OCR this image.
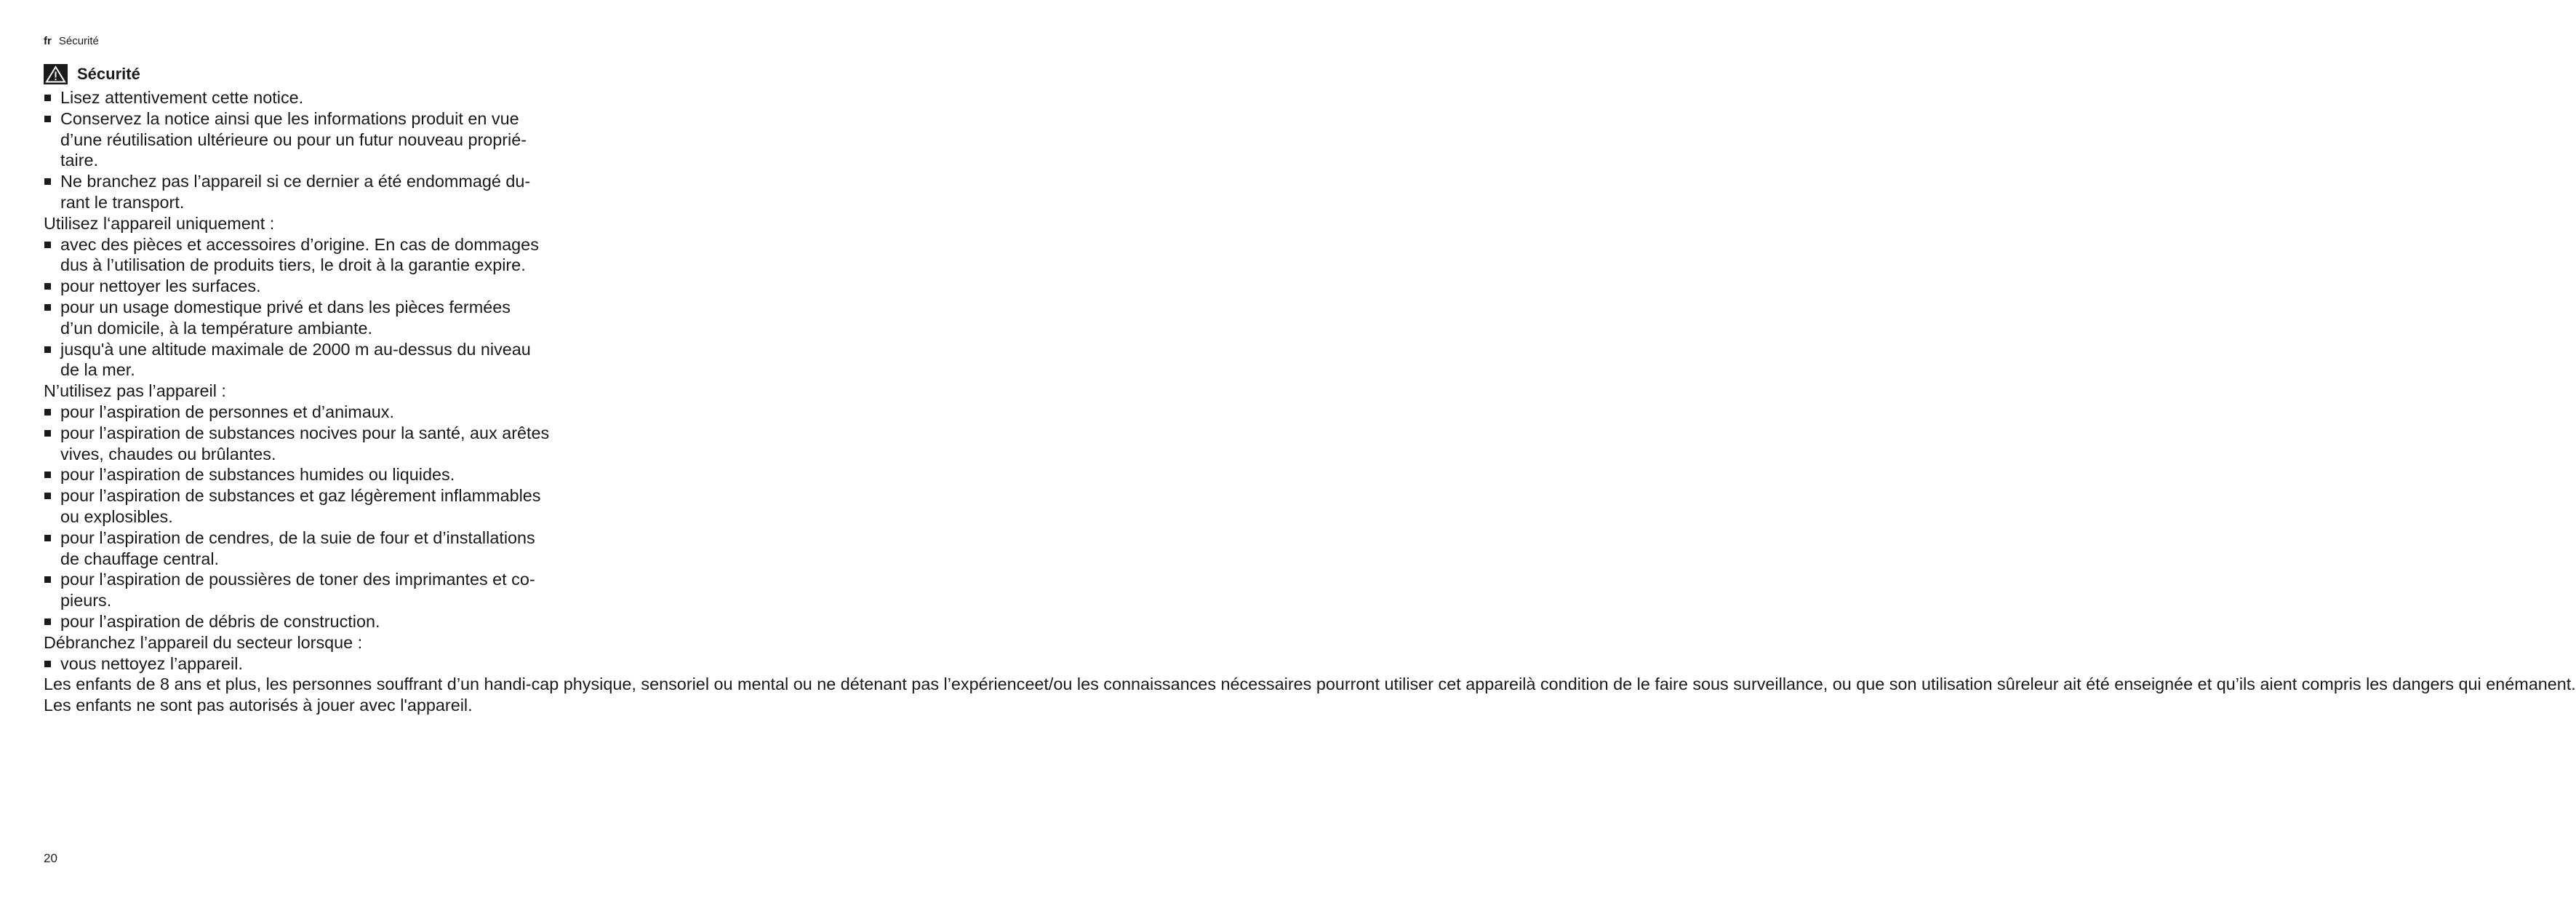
fr Sécurité
Sécurité
Lisez attentivement cette notice.
Conservez la notice ainsi que les informations produit en vue
d’une réutilisation ultérieure ou pour un futur nouveau proprié-
taire.
Ne branchez pas l’appareil si ce dernier a été endommagé du-
rant le transport.

Utilisez l‘appareil uniquement :

avec des pièces et accessoires d’origine. En cas de dommages
dus à l’utilisation de produits tiers, le droit à la garantie expire.
pour nettoyer les surfaces.
pour un usage domestique privé et dans les pièces fermées
d’un domicile, à la température ambiante.
jusqu'à une altitude maximale de 2000 m au-dessus du niveau
de la mer.

N’utilisez pas l’appareil :

pour l’aspiration de personnes et d’animaux.
pour l’aspiration de substances nocives pour la santé, aux arêtes
vives, chaudes ou brûlantes.
pour l’aspiration de substances humides ou liquides.
pour l’aspiration de substances et gaz légèrement inflammables
ou explosibles.
pour l’aspiration de cendres, de la suie de four et d’installations
de chauffage central.
pour l’aspiration de poussières de toner des imprimantes et co-
pieurs.
pour l’aspiration de débris de construction.

Débranchez l’appareil du secteur lorsque :

vous nettoyez l’appareil.

Les enfants de 8 ans et plus, les personnes souffrant d’un handi-cap physique, sensoriel ou mental ou ne détenant pas l’expérienceet/ou les connaissances nécessaires pourront utiliser cet appareilà condition de le faire sous surveillance, ou que son utilisation sûreleur ait été enseignée et qu’ils aient compris les dangers qui enémanent.

Les enfants ne sont pas autorisés à jouer avec l'appareil.

20
